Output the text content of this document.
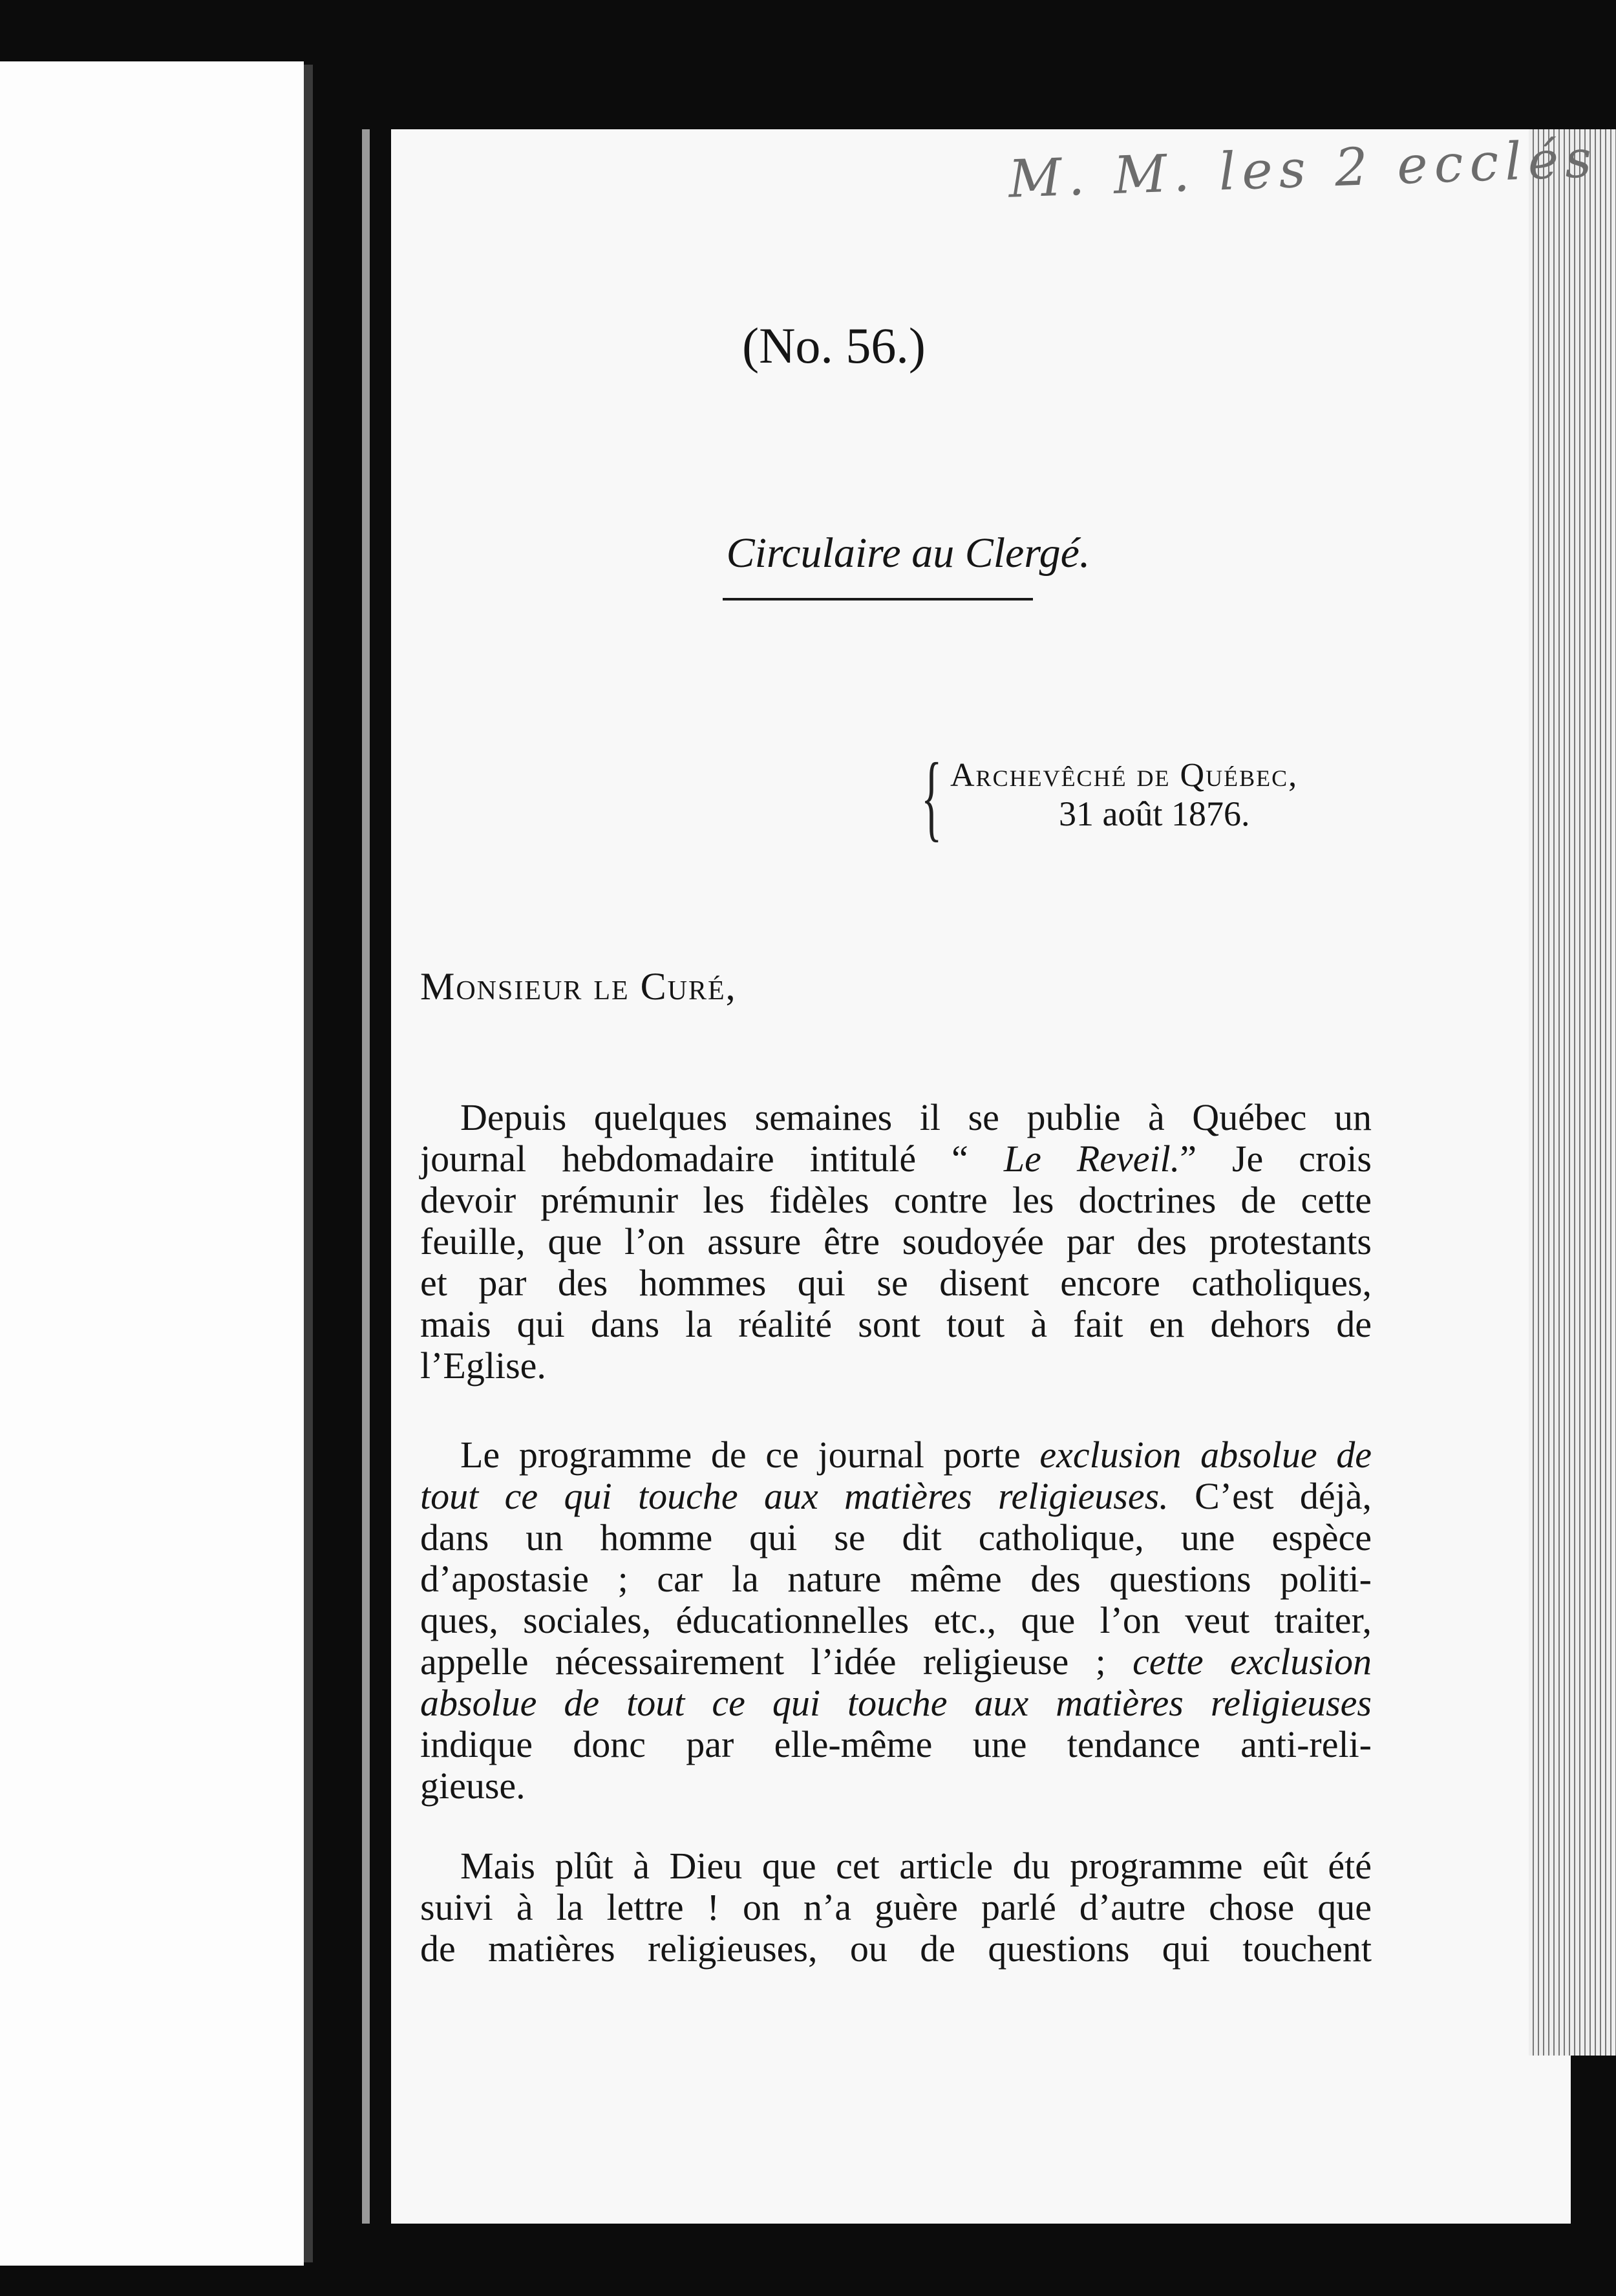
M. M. les 2 ecclés
(No. 56.)
Circulaire au Clergé.
{ Archevêché de Québec,
31 août 1876.
Monsieur le Curé,
Depuis quelques semaines il se publie à Québec un
journal hebdomadaire intitulé “ Le Reveil.” Je crois
devoir prémunir les fidèles contre les doctrines de cette
feuille, que l’on assure être soudoyée par des protestants
et par des hommes qui se disent encore catholiques,
mais qui dans la réalité sont tout à fait en dehors de
l’Eglise.
Le programme de ce journal porte exclusion absolue de
tout ce qui touche aux matières religieuses. C’est déjà,
dans un homme qui se dit catholique, une espèce
d’apostasie ; car la nature même des questions politi-
ques, sociales, éducationnelles etc., que l’on veut traiter,
appelle nécessairement l’idée religieuse ; cette exclusion
absolue de tout ce qui touche aux matières religieuses
indique donc par elle-même une tendance anti-reli-
gieuse.
Mais plût à Dieu que cet article du programme eût été
suivi à la lettre ! on n’a guère parlé d’autre chose que
de matières religieuses, ou de questions qui touchent
